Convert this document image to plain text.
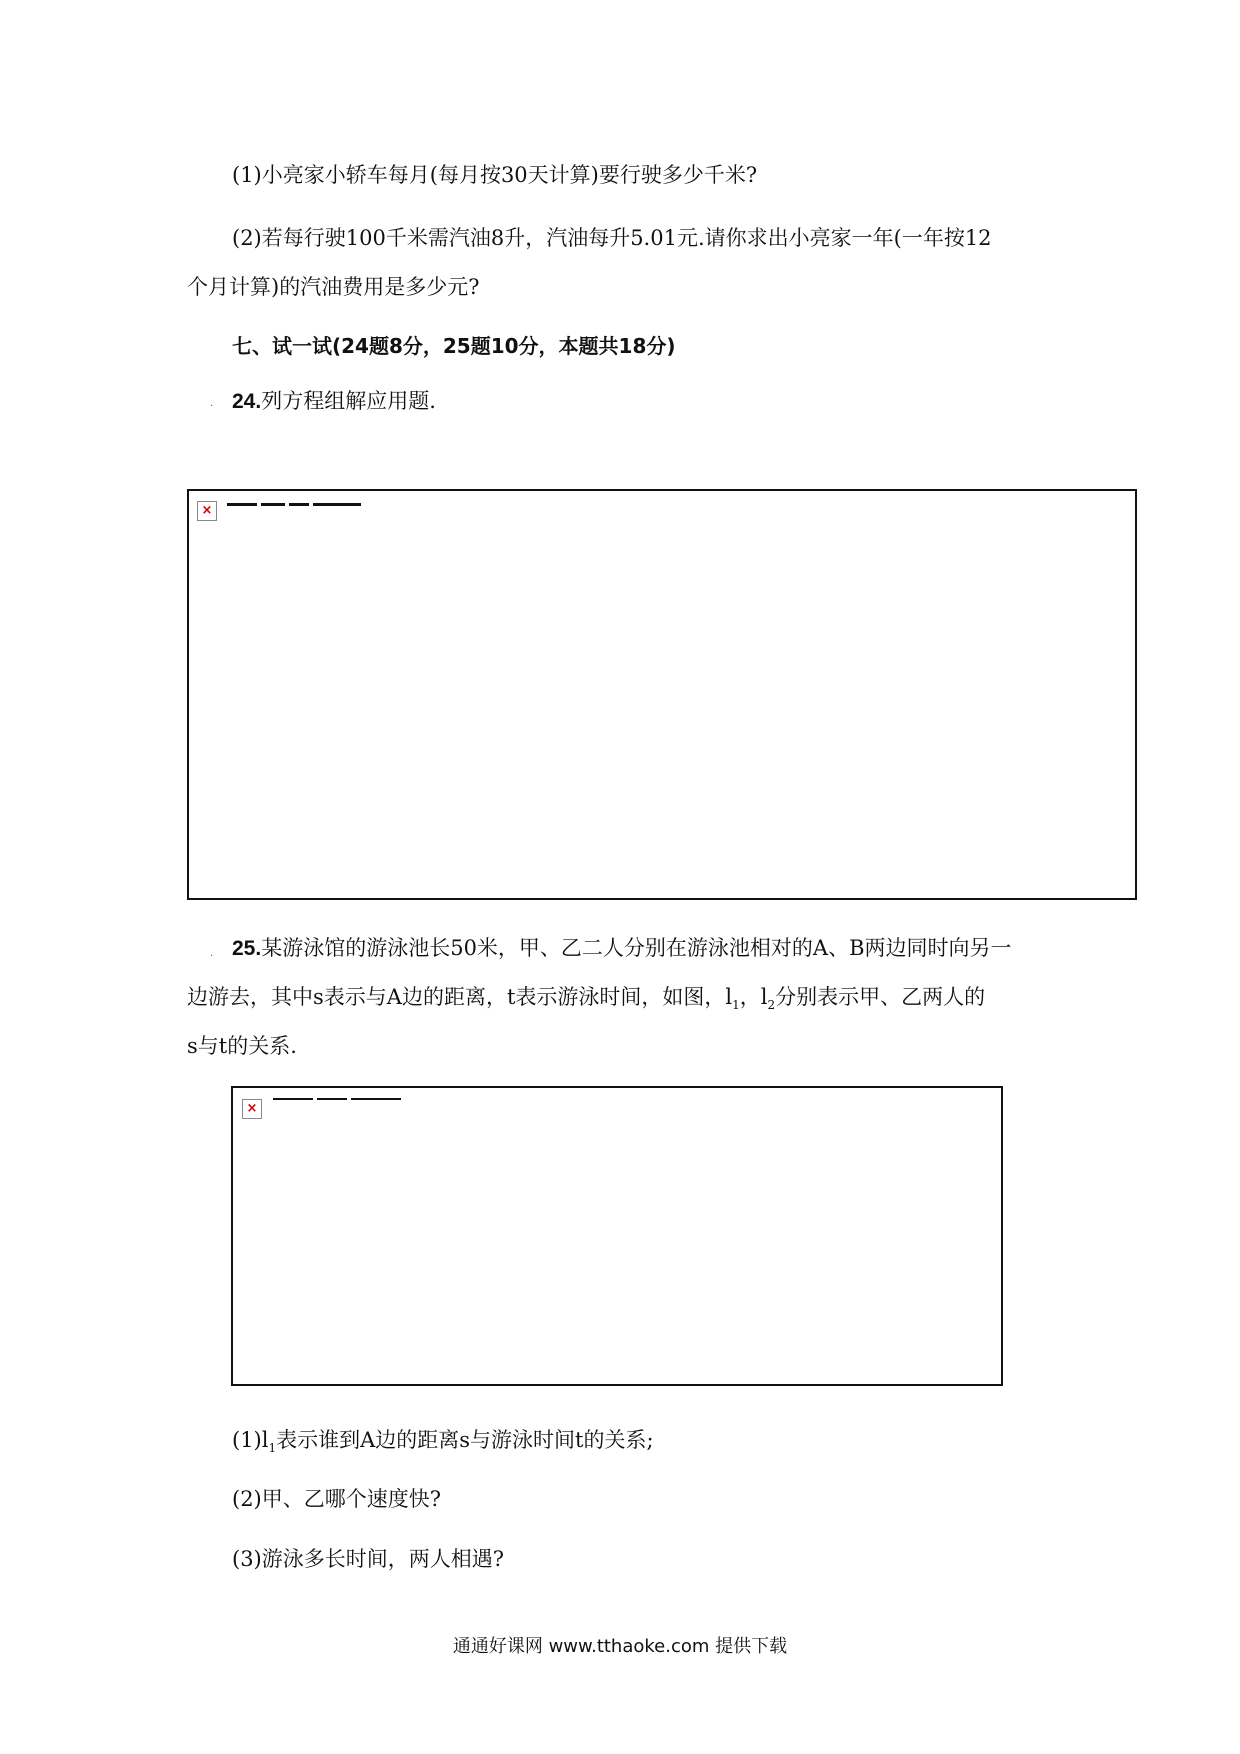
(1)小亮家小轿车每月(每月按30天计算)要行驶多少千米?
(2)若每行驶100千米需汽油8升，汽油每升5.01元.请你求出小亮家一年(一年按12
个月计算)的汽油费用是多少元?
七、试一试(24题8分，25题10分，本题共18分)
. 24.列方程组解应用题.
×
. 25.某游泳馆的游泳池长50米，甲、乙二人分别在游泳池相对的A、B两边同时向另一
边游去，其中s表示与A边的距离，t表示游泳时间，如图，$l_1$，$l_2$分别表示甲、乙两人的
s与t的关系.
×
$(1)l_1$表示谁到A边的距离s与游泳时间t的关系;
(2)甲、乙哪个速度快?
(3)游泳多长时间，两人相遇?
通通好课网 www.tthaoke.com 提供下载
